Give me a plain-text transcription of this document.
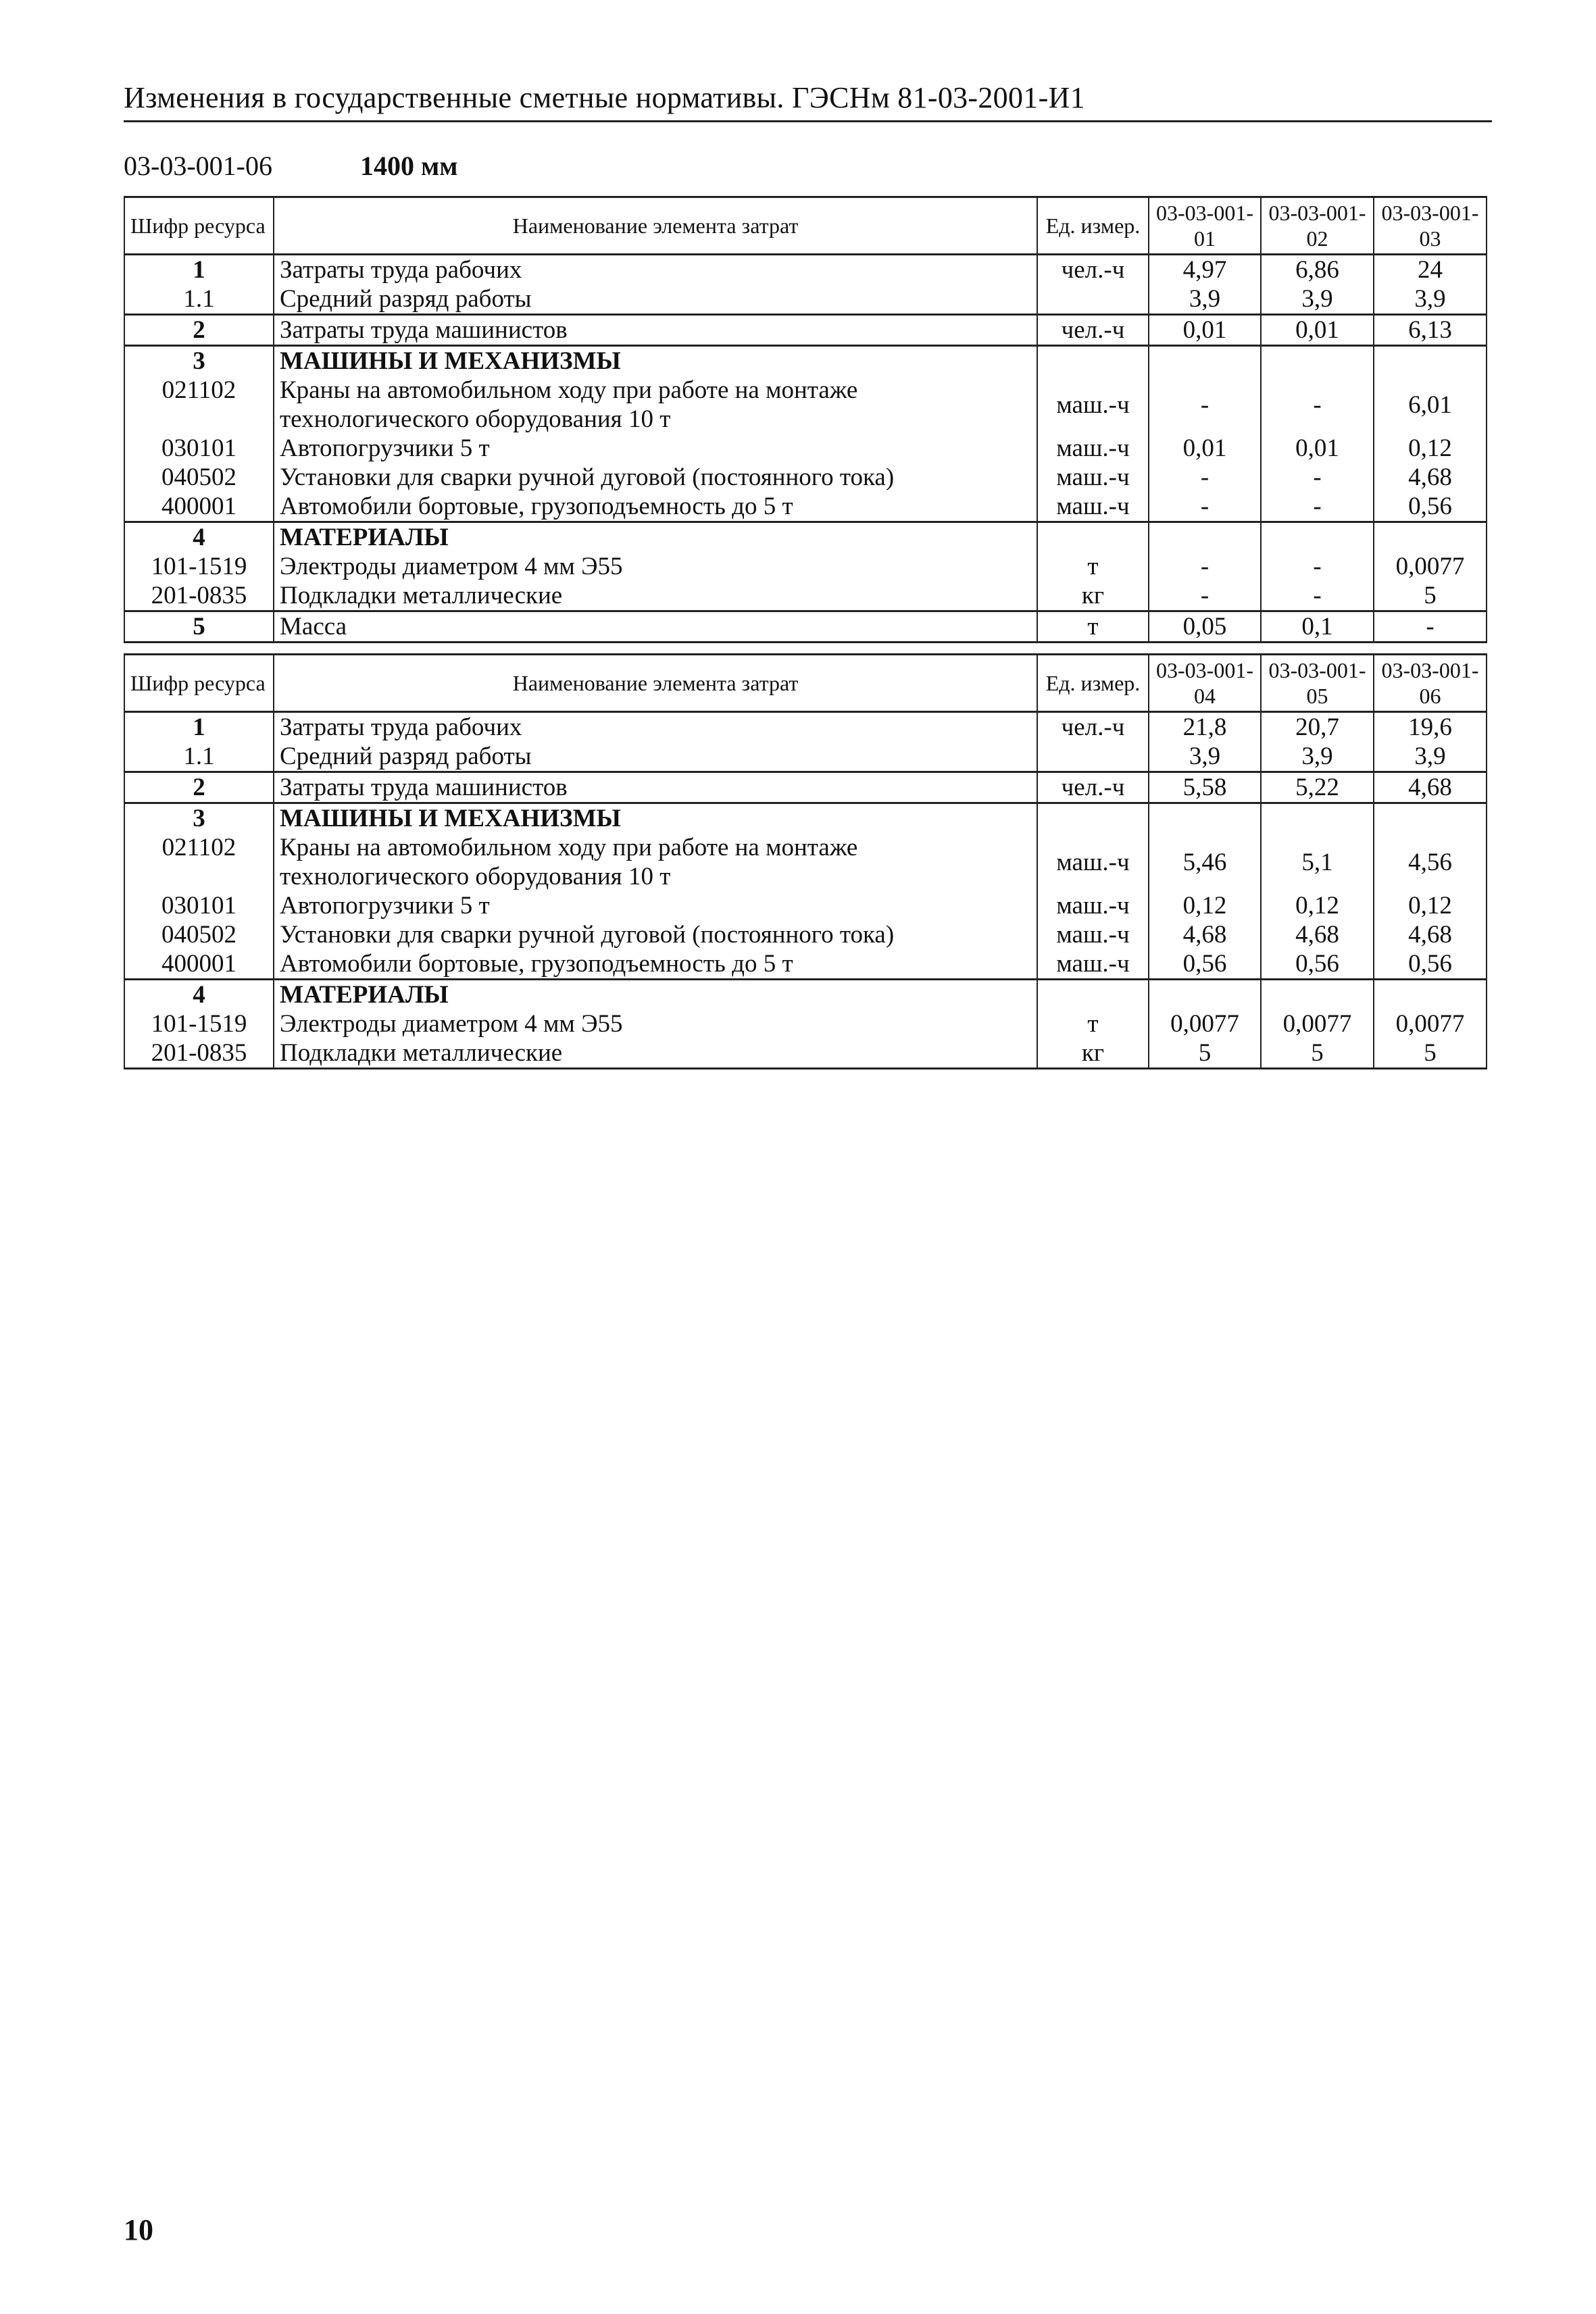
Изменения в государственные сметные нормативы. ГЭСНм 81-03-2001-И1
03-03-001-06	1400 мм
Шифр ресурса	Наименование элемента затрат	Ед. измер.	03-03-001-01	03-03-001-02	03-03-001-03
1	Затраты труда рабочих	чел.-ч	4,97	6,86	24
1.1	Средний разряд работы		3,9	3,9	3,9
2	Затраты труда машинистов	чел.-ч	0,01	0,01	6,13
3	МАШИНЫ И МЕХАНИЗМЫ				
021102	Краны на автомобильном ходу при работе на монтаже технологического оборудования 10 т	маш.-ч	-	-	6,01
030101	Автопогрузчики 5 т	маш.-ч	0,01	0,01	0,12
040502	Установки для сварки ручной дуговой (постоянного тока)	маш.-ч	-	-	4,68
400001	Автомобили бортовые, грузоподъемность до 5 т	маш.-ч	-	-	0,56
4	МАТЕРИАЛЫ				
101-1519	Электроды диаметром 4 мм Э55	т	-	-	0,0077
201-0835	Подкладки металлические	кг	-	-	5
5	Масса	т	0,05	0,1	-
Шифр ресурса	Наименование элемента затрат	Ед. измер.	03-03-001-04	03-03-001-05	03-03-001-06
1	Затраты труда рабочих	чел.-ч	21,8	20,7	19,6
1.1	Средний разряд работы		3,9	3,9	3,9
2	Затраты труда машинистов	чел.-ч	5,58	5,22	4,68
3	МАШИНЫ И МЕХАНИЗМЫ				
021102	Краны на автомобильном ходу при работе на монтаже технологического оборудования 10 т	маш.-ч	5,46	5,1	4,56
030101	Автопогрузчики 5 т	маш.-ч	0,12	0,12	0,12
040502	Установки для сварки ручной дуговой (постоянного тока)	маш.-ч	4,68	4,68	4,68
400001	Автомобили бортовые, грузоподъемность до 5 т	маш.-ч	0,56	0,56	0,56
4	МАТЕРИАЛЫ				
101-1519	Электроды диаметром 4 мм Э55	т	0,0077	0,0077	0,0077
201-0835	Подкладки металлические	кг	5	5	5
10
